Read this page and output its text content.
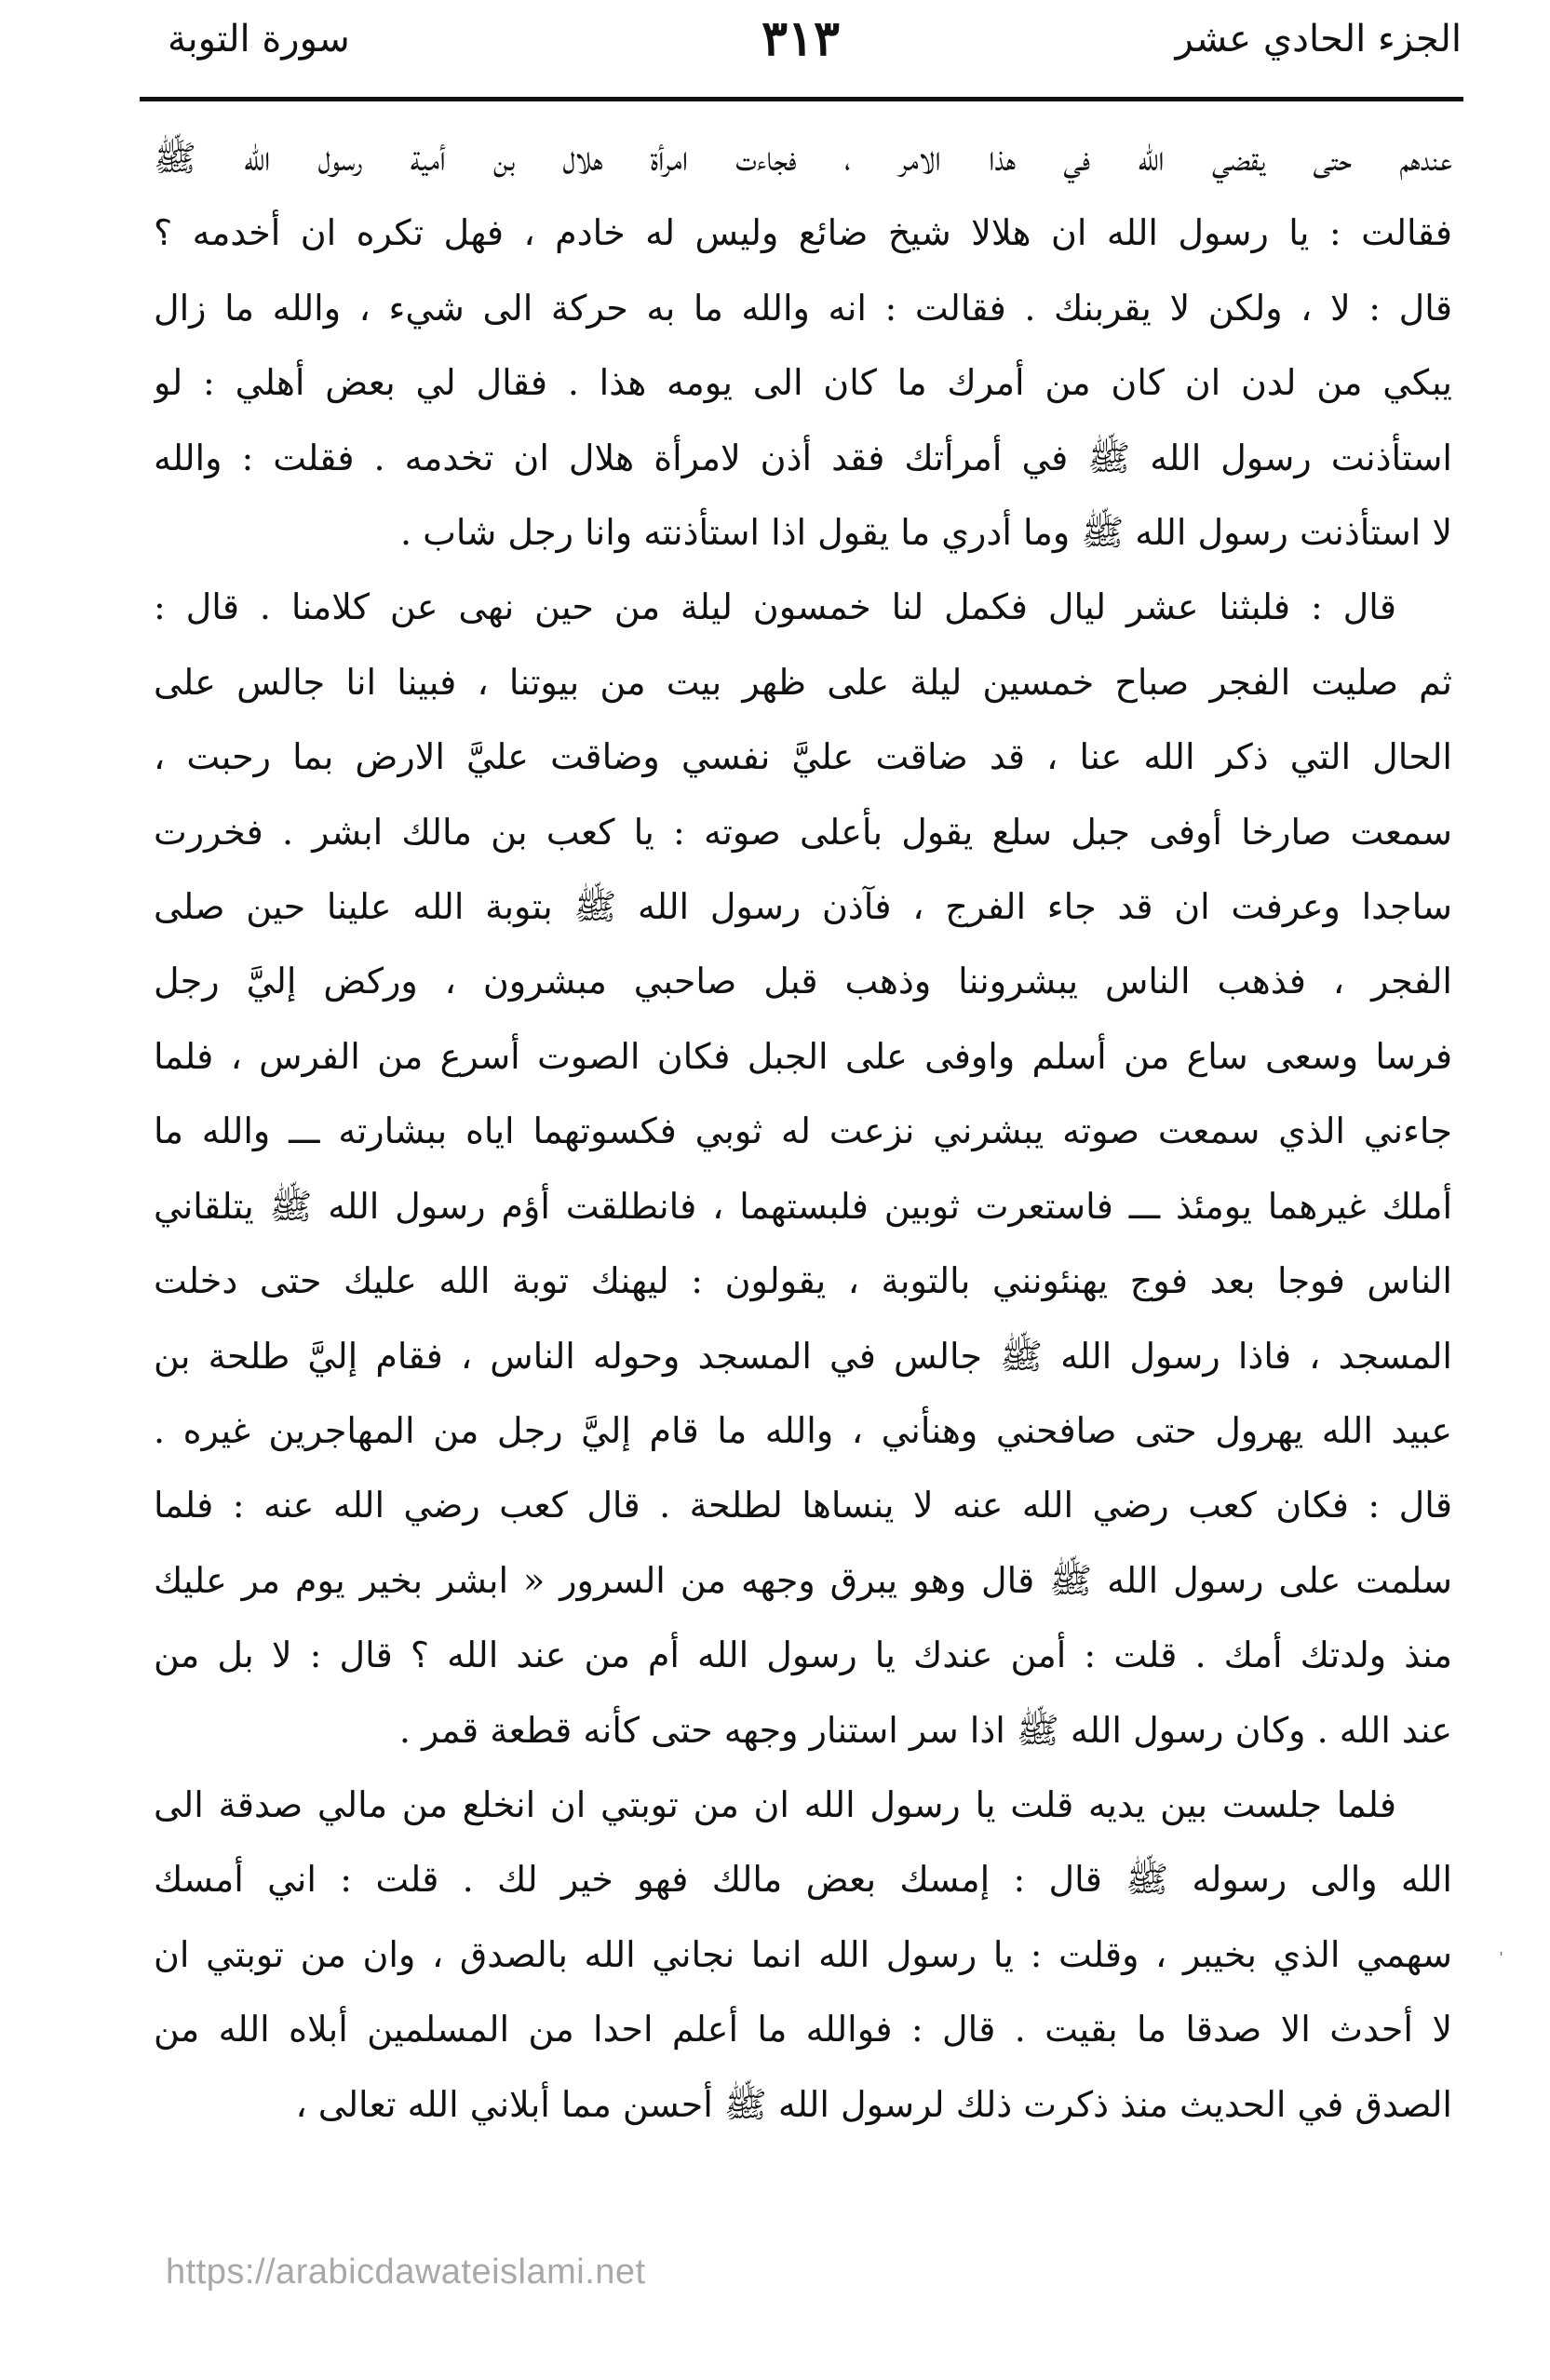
الجزء الحادي عشر
٣١٣
سورة التوبة
عندهم حتى يقضي الله في هذا الامر ، فجاءت امرأة هلال بن أمية رسول الله ﷺ
فقالت : يا رسول الله ان هلالا شيخ ضائع وليس له خادم ، فهل تكره ان أخدمه ؟
قال : لا ، ولكن لا يقربنك . فقالت : انه والله ما به حركة الى شيء ، والله ما زال
يبكي من لدن ان كان من أمرك ما كان الى يومه هذا . فقال لي بعض أهلي : لو
استأذنت رسول الله ﷺ في أمرأتك فقد أذن لامرأة هلال ان تخدمه . فقلت : والله
لا استأذنت رسول الله ﷺ وما أدري ما يقول اذا استأذنته وانا رجل شاب .
قال : فلبثنا عشر ليال فكمل لنا خمسون ليلة من حين نهى عن كلامنا . قال :
ثم صليت الفجر صباح خمسين ليلة على ظهر بيت من بيوتنا ، فبينا انا جالس على
الحال التي ذكر الله عنا ، قد ضاقت عليَّ نفسي وضاقت عليَّ الارض بما رحبت ،
سمعت صارخا أوفى جبل سلع يقول بأعلى صوته : يا كعب بن مالك ابشر . فخررت
ساجدا وعرفت ان قد جاء الفرج ، فآذن رسول الله ﷺ بتوبة الله علينا حين صلى
الفجر ، فذهب الناس يبشروننا وذهب قبل صاحبي مبشرون ، وركض إليَّ رجل
فرسا وسعى ساع من أسلم واوفى على الجبل فكان الصوت أسرع من الفرس ، فلما
جاءني الذي سمعت صوته يبشرني نزعت له ثوبي فكسوتهما اياه ببشارته ـــ والله ما
أملك غيرهما يومئذ ـــ فاستعرت ثوبين فلبستهما ، فانطلقت أؤم رسول الله ﷺ يتلقاني
الناس فوجا بعد فوج يهنئونني بالتوبة ، يقولون : ليهنك توبة الله عليك حتى دخلت
المسجد ، فاذا رسول الله ﷺ جالس في المسجد وحوله الناس ، فقام إليَّ طلحة بن
عبيد الله يهرول حتى صافحني وهنأني ، والله ما قام إليَّ رجل من المهاجرين غيره .
قال : فكان كعب رضي الله عنه لا ينساها لطلحة . قال كعب رضي الله عنه : فلما
سلمت على رسول الله ﷺ قال وهو يبرق وجهه من السرور « ابشر بخير يوم مر عليك
منذ ولدتك أمك . قلت : أمن عندك يا رسول الله أم من عند الله ؟ قال : لا بل من
عند الله . وكان رسول الله ﷺ اذا سر استنار وجهه حتى كأنه قطعة قمر .
فلما جلست بين يديه قلت يا رسول الله ان من توبتي ان انخلع من مالي صدقة الى
الله والى رسوله ﷺ قال : إمسك بعض مالك فهو خير لك . قلت : اني أمسك
سهمي الذي بخيبر ، وقلت : يا رسول الله انما نجاني الله بالصدق ، وان من توبتي ان
لا أحدث الا صدقا ما بقيت . قال : فوالله ما أعلم احدا من المسلمين أبلاه الله من
الصدق في الحديث منذ ذكرت ذلك لرسول الله ﷺ أحسن مما أبلاني الله تعالى ،
ˌ
https://arabicdawateislami.net
